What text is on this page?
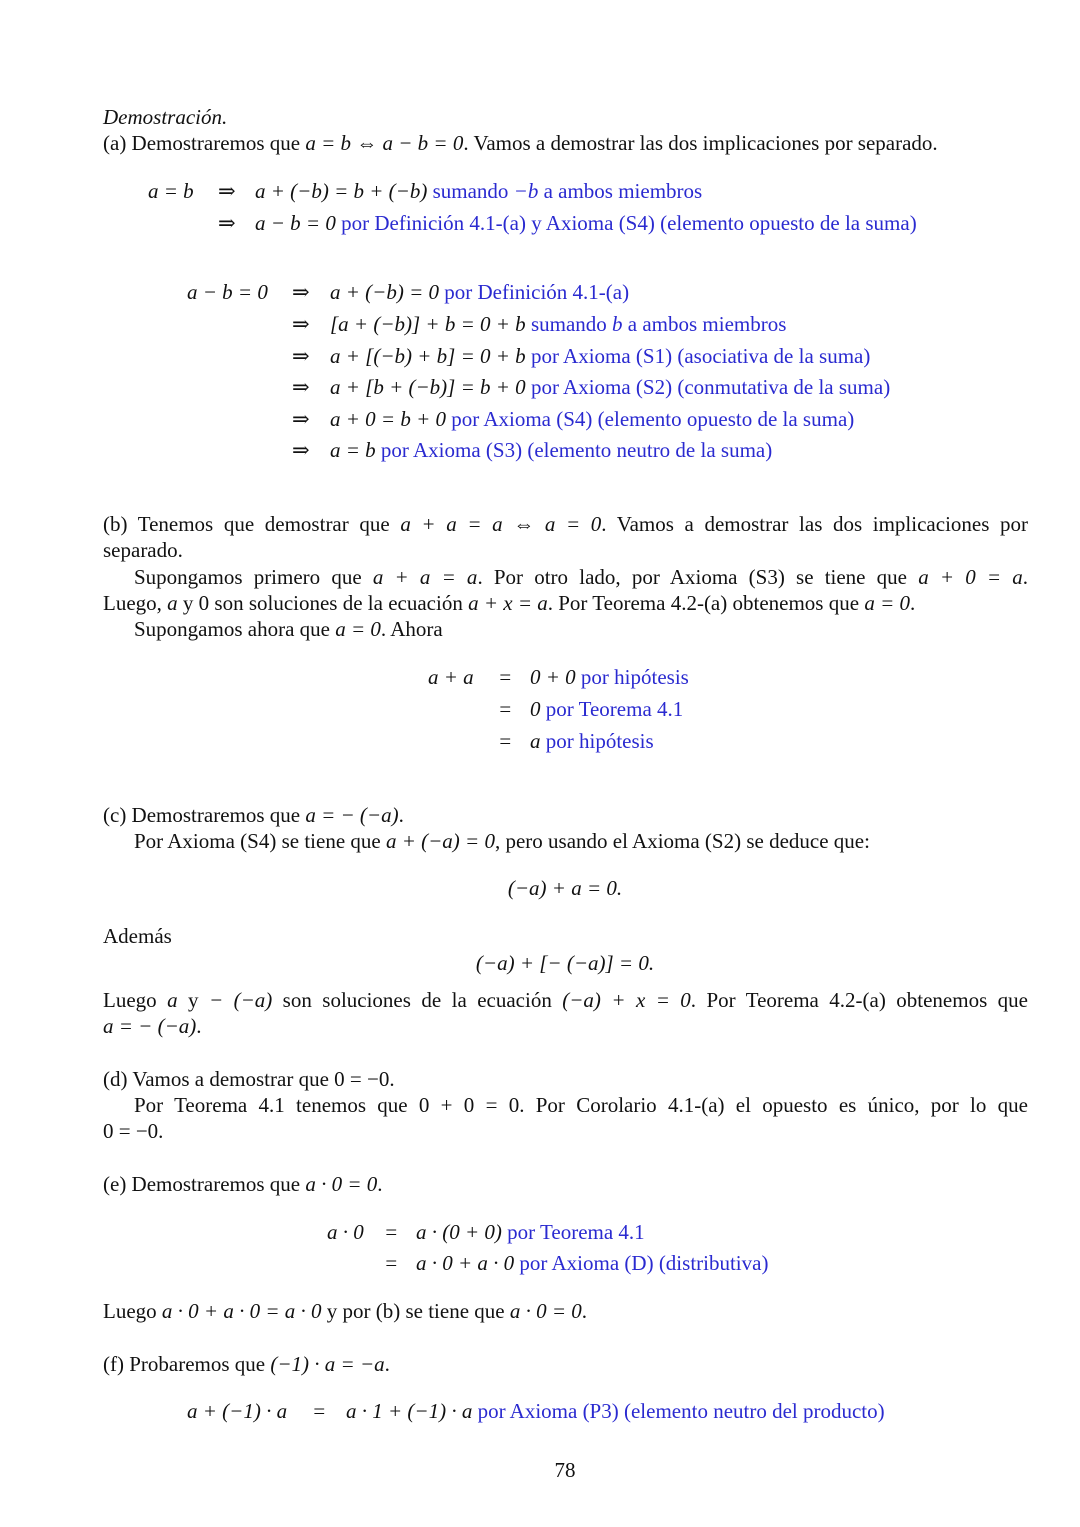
Demostración.
(a) Demostraremos que a = b ⇔ a − b = 0. Vamos a demostrar las dos implicaciones por separado.
a = b ⇒ a + (−b) = b + (−b) sumando −b a ambos miembros
⇒ a − b = 0 por Definición 4.1-(a) y Axioma (S4) (elemento opuesto de la suma)
a − b = 0 ⇒ a + (−b) = 0 por Definición 4.1-(a)
⇒ [a + (−b)] + b = 0 + b sumando b a ambos miembros
⇒ a + [(−b) + b] = 0 + b por Axioma (S1) (asociativa de la suma)
⇒ a + [b + (−b)] = b + 0 por Axioma (S2) (conmutativa de la suma)
⇒ a + 0 = b + 0 por Axioma (S4) (elemento opuesto de la suma)
⇒ a = b por Axioma (S3) (elemento neutro de la suma)
(b) Tenemos que demostrar que a + a = a ⇔ a = 0. Vamos a demostrar las dos implicaciones por
separado.
Supongamos primero que a + a = a. Por otro lado, por Axioma (S3) se tiene que a + 0 = a.
Luego, a y 0 son soluciones de la ecuación a + x = a. Por Teorema 4.2-(a) obtenemos que a = 0.
Supongamos ahora que a = 0. Ahora
a + a = 0 + 0 por hipótesis
= 0 por Teorema 4.1
= a por hipótesis
(c) Demostraremos que a = − (−a).
Por Axioma (S4) se tiene que a + (−a) = 0, pero usando el Axioma (S2) se deduce que:
(−a) + a = 0.
Además
(−a) + [− (−a)] = 0.
Luego a y − (−a) son soluciones de la ecuación (−a) + x = 0. Por Teorema 4.2-(a) obtenemos que
a = − (−a).
(d) Vamos a demostrar que 0 = −0.
Por Teorema 4.1 tenemos que 0 + 0 = 0. Por Corolario 4.1-(a) el opuesto es único, por lo que
0 = −0.
(e) Demostraremos que a · 0 = 0.
a · 0 = a · (0 + 0) por Teorema 4.1
= a · 0 + a · 0 por Axioma (D) (distributiva)
Luego a · 0 + a · 0 = a · 0 y por (b) se tiene que a · 0 = 0.
(f) Probaremos que (−1) · a = −a.
a + (−1) · a = a · 1 + (−1) · a por Axioma (P3) (elemento neutro del producto)
78
